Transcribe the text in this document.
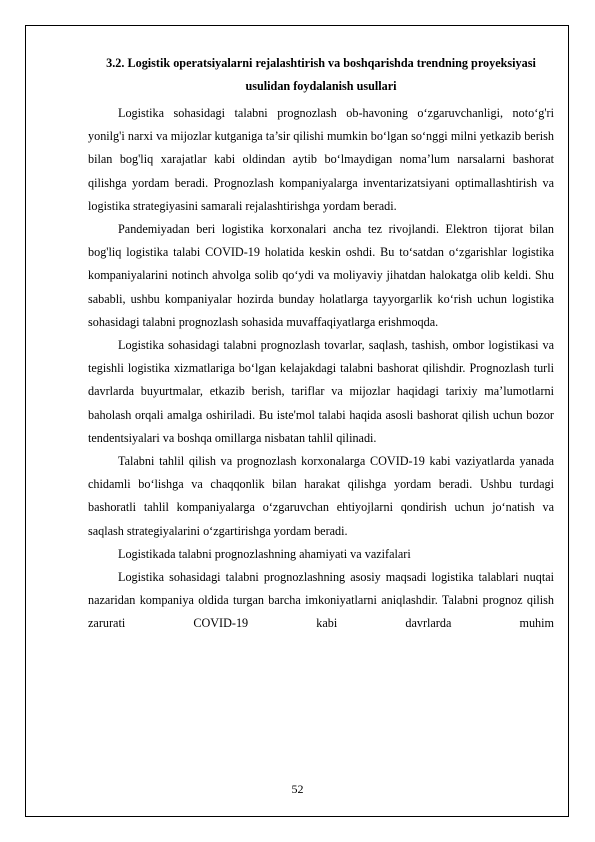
3.2. Logistik operatsiyalarni rejalashtirish va boshqarishda trendning proyeksiyasi usulidan foydalanish usullari

Logistika sohasidagi talabni prognozlash ob-havoning o‘zgaruvchanligi, noto‘g'ri yonilg'i narxi va mijozlar kutganiga ta’sir qilishi mumkin bo‘lgan so‘nggi milni yetkazib berish bilan bog'liq xarajatlar kabi oldindan aytib bo‘lmaydigan noma’lum narsalarni bashorat qilishga yordam beradi. Prognozlash kompaniyalarga inventarizatsiyani optimallashtirish va logistika strategiyasini samarali rejalashtirishga yordam beradi.

Pandemiyadan beri logistika korxonalari ancha tez rivojlandi. Elektron tijorat bilan bog'liq logistika talabi COVID-19 holatida keskin oshdi. Bu to‘satdan o‘zgarishlar logistika kompaniyalarini notinch ahvolga solib qo‘ydi va moliyaviy jihatdan halokatga olib keldi. Shu sababli, ushbu kompaniyalar hozirda bunday holatlarga tayyorgarlik ko‘rish uchun logistika sohasidagi talabni prognozlash sohasida muvaffaqiyatlarga erishmoqda.

Logistika sohasidagi talabni prognozlash tovarlar, saqlash, tashish, ombor logistikasi va tegishli logistika xizmatlariga bo‘lgan kelajakdagi talabni bashorat qilishdir. Prognozlash turli davrlarda buyurtmalar, etkazib berish, tariflar va mijozlar haqidagi tarixiy ma’lumotlarni baholash orqali amalga oshiriladi. Bu iste'mol talabi haqida asosli bashorat qilish uchun bozor tendentsiyalari va boshqa omillarga nisbatan tahlil qilinadi.

Talabni tahlil qilish va prognozlash korxonalarga COVID-19 kabi vaziyatlarda yanada chidamli bo‘lishga va chaqqonlik bilan harakat qilishga yordam beradi. Ushbu turdagi bashoratli tahlil kompaniyalarga o‘zgaruvchan ehtiyojlarni qondirish uchun jo‘natish va saqlash strategiyalarini o‘zgartirishga yordam beradi.

Logistikada talabni prognozlashning ahamiyati va vazifalari

Logistika sohasidagi talabni prognozlashning asosiy maqsadi logistika talablari nuqtai nazaridan kompaniya oldida turgan barcha imkoniyatlarni aniqlashdir. Talabni prognoz qilish zarurati COVID-19 kabi davrlarda muhim

52
